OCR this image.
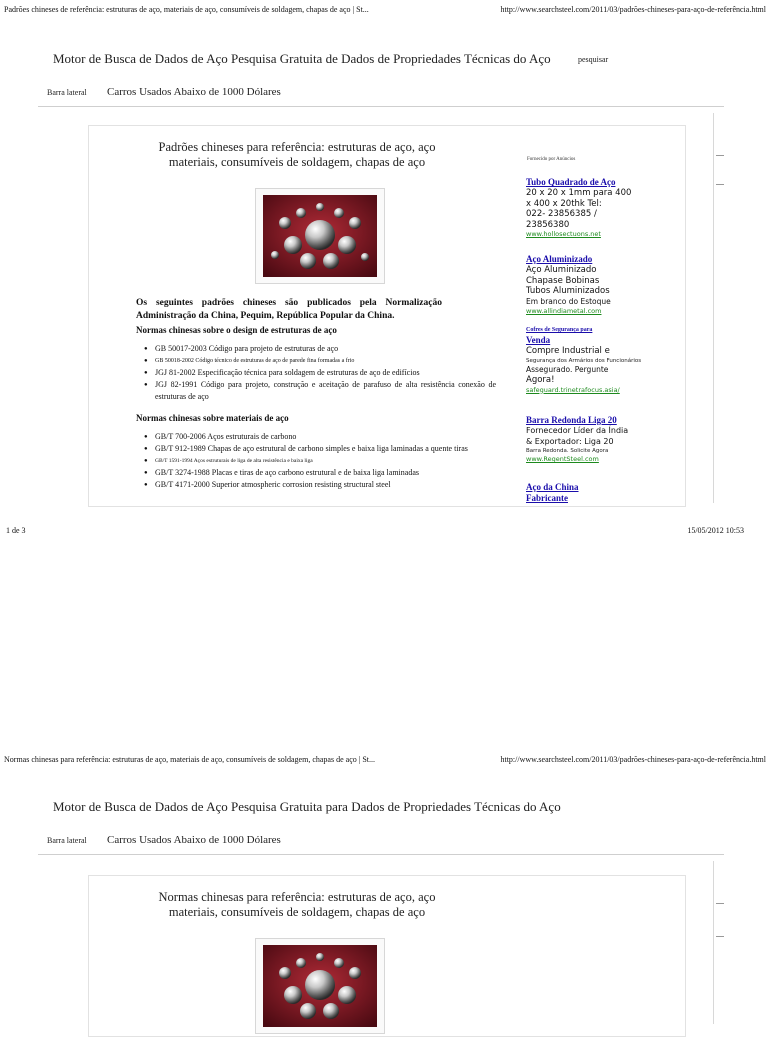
Padrões chineses de referência: estruturas de aço, materiais de aço, consumíveis de soldagem, chapas de aço | St...	http://www.searchsteel.com/2011/03/padrões-chineses-para-aço-de-referência.html
Motor de Busca de Dados de Aço Pesquisa Gratuita de Dados de Propriedades Técnicas do Aço	pesquisar
Barra lateral Carros Usados Abaixo de 1000 Dólares
Padrões chineses para referência: estruturas de aço, aço
materiais, consumíveis de soldagem, chapas de aço
Os seguintes padrões chineses são publicados pela Normalização
Administração da China, Pequim, República Popular da China.
Normas chinesas sobre o design de estruturas de aço
● GB 50017-2003 Código para projeto de estruturas de aço
● GB 50018-2002 Código técnico de estruturas de aço de parede fina formadas a frio
● JGJ 81-2002 Especificação técnica para soldagem de estruturas de aço de edifícios
● JGJ 82-1991 Código para projeto, construção e aceitação de parafuso de alta resistência conexão de estruturas de aço
Normas chinesas sobre materiais de aço
● GB/T 700-2006 Aços estruturais de carbono
● GB/T 912-1989 Chapas de aço estrutural de carbono simples e baixa liga laminadas a quente tiras
● GB/T 1591-1994 Aços estruturais de liga de alta resistência e baixa liga
● GB/T 3274-1988 Placas e tiras de aço carbono estrutural e de baixa liga laminadas
● GB/T 4171-2000 Superior atmospheric corrosion resisting structural steel
Fornecido por Anúncios
Tubo Quadrado de Aço
20 x 20 x 1mm para 400
x 400 x 20thk Tel:
022- 23856385 /
23856380
www.hollosectuons.net
Aço Aluminizado
Aço Aluminizado
Chapase Bobinas
Tubos Aluminizados
Em branco do Estoque
www.allindiametal.com
Cofres de Segurança para
Venda
Compre Industrial e
Segurança dos Armários dos Funcionários
Assegurado. Pergunte
Agora!
safeguard.trinetrafocus.asia/
Barra Redonda Liga 20
Fornecedor Líder da Índia
& Exportador: Liga 20
Barra Redonda. Solicite Agora
www.RegentSteel.com
Aço da China
Fabricante
1 de 3	15/05/2012 10:53
Normas chinesas para referência: estruturas de aço, materiais de aço, consumíveis de soldagem, chapas de aço | St...	http://www.searchsteel.com/2011/03/padrões-chineses-para-aço-de-referência.html
Motor de Busca de Dados de Aço Pesquisa Gratuita para Dados de Propriedades Técnicas do Aço
Barra lateral Carros Usados Abaixo de 1000 Dólares
Normas chinesas para referência: estruturas de aço, aço
materiais, consumíveis de soldagem, chapas de aço
